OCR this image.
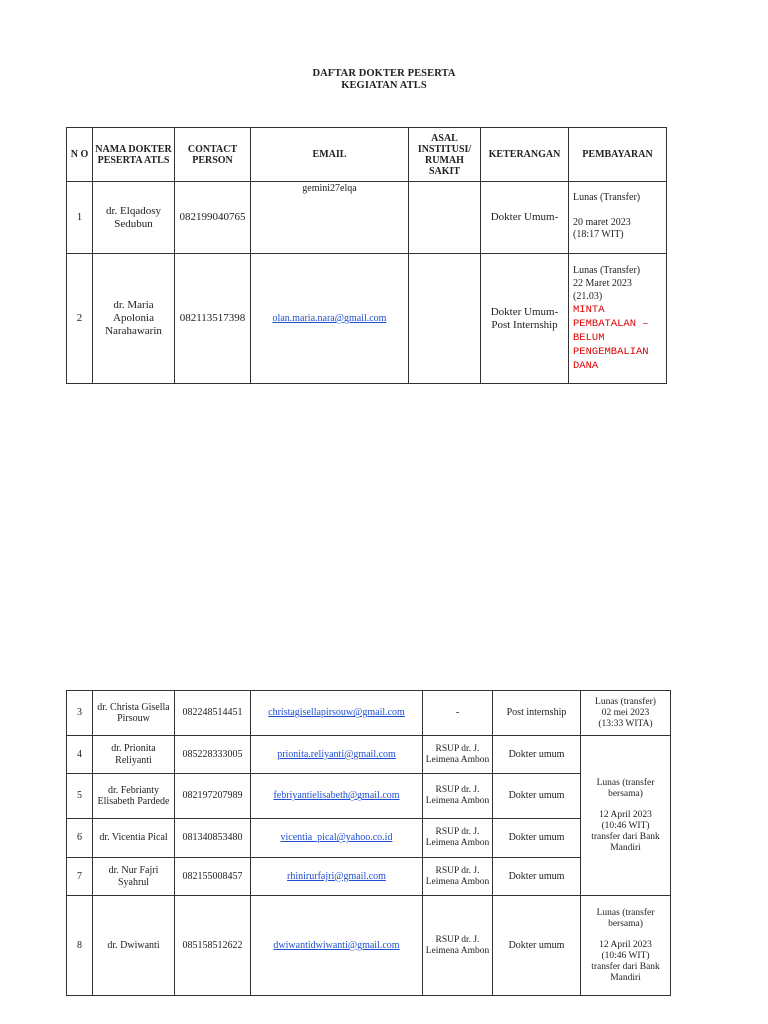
DAFTAR DOKTER PESERTA
KEGIATAN ATLS
N O	NAMA DOKTER PESERTA ATLS	CONTACT PERSON	EMAIL	ASAL INSTITUSI/ RUMAH SAKIT	KETERANGAN	PEMBAYARAN
1	dr. Elqadosy Sedubun	082199040765	gemini27elqa		Dokter Umum-	Lunas (Transfer)
20 maret 2023
(18:17 WIT)

2	dr. Maria Apolonia Narahawarin	082113517398	olan.maria.nara@gmail.com		Dokter Umum-Post Internship	Lunas (Transfer)
22 Maret 2023
(21.03)
MINTA PEMBATALAN – BELUM PENGEMBALIAN DANA
3	dr. Christa Gisella Pirsouw	082248514451	christagisellapirsouw@gmail.com	-	Post internship	Lunas (transfer)
02 mei 2023
(13:33 WITA)

4	dr. Prionita Reliyanti	085228333005	prionita.reliyanti@gmail.com	RSUP dr. J. Leimena Ambon	Dokter umum	Lunas (transfer bersama)
12 April 2023
(10:46 WIT)
transfer dari Bank Mandiri

5	dr. Febrianty Elisabeth Pardede	082197207989	febriyantielisabeth@gmail.com	RSUP dr. J. Leimena Ambon	Dokter umum	
6	dr. Vicentia Pical	081340853480	vicentia_pical@yahoo.co.id	RSUP dr. J. Leimena Ambon	Dokter umum	
7	dr. Nur Fajri Syahrul	082155008457	rhinirurfajri@gmail.com	RSUP dr. J. Leimena Ambon	Dokter umum	
8	dr. Dwiwanti	085158512622	dwiwantidwiwanti@gmail.com	RSUP dr. J. Leimena Ambon	Dokter umum	Lunas (transfer bersama)
12 April 2023
(10:46 WIT)
transfer dari Bank Mandiri
